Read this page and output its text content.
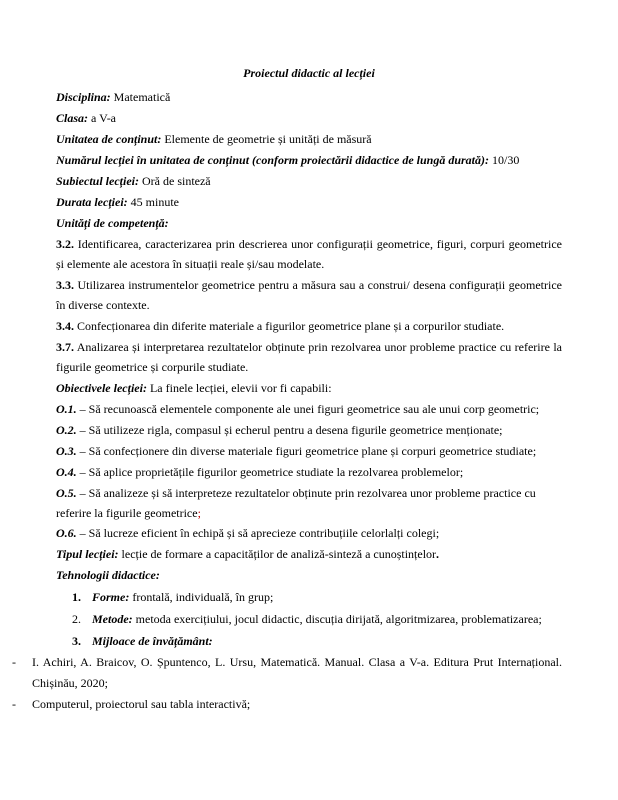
Proiectul didactic al lecției
Disciplina: Matematică
Clasa: a V-a
Unitatea de conținut: Elemente de geometrie și unități de măsură
Numărul lecției în unitatea de conținut (conform proiectării didactice de lungă durată): 10/30
Subiectul lecției: Oră de sinteză
Durata lecției: 45 minute
Unități de competență:
3.2. Identificarea, caracterizarea prin descrierea unor configurații geometrice, figuri, corpuri geometrice și elemente ale acestora în situații reale și/sau modelate.
3.3. Utilizarea instrumentelor geometrice pentru a măsura sau a construi/ desena configurații geometrice în diverse contexte.
3.4. Confecționarea din diferite materiale a figurilor geometrice plane și a corpurilor studiate.
3.7. Analizarea și interpretarea rezultatelor obținute prin rezolvarea unor probleme practice cu referire la figurile geometrice și corpurile studiate.
Obiectivele lecției: La finele lecției, elevii vor fi capabili:
O.1. – Să recunoască elementele componente ale unei figuri geometrice sau ale unui corp geometric;
O.2. – Să utilizeze rigla, compasul și echerul pentru a desena figurile geometrice menționate;
O.3. – Să confecționere din diverse materiale figuri geometrice plane și corpuri geometrice studiate;
O.4. – Să aplice proprietățile figurilor geometrice studiate la rezolvarea problemelor;
O.5. – Să analizeze și să interpreteze rezultatelor obținute prin rezolvarea unor probleme practice cu referire la figurile geometrice;
O.6. – Să lucreze eficient în echipă și să aprecieze contribuțiile celorlalți colegi;
Tipul lecției: lecție de formare a capacităților de analiză-sinteză a cunoștințelor.
Tehnologii didactice:
1. Forme: frontală, individuală, în grup;
2. Metode: metoda exercițiului, jocul didactic, discuția dirijată, algoritmizarea, problematizarea;
3. Mijloace de învățământ:
-	I. Achiri, A. Braicov, O. Șpuntenco, L. Ursu, Matematică. Manual. Clasa a V-a. Editura Prut Internațional. Chișinău, 2020;
-	Computerul, proiectorul sau tabla interactivă;
